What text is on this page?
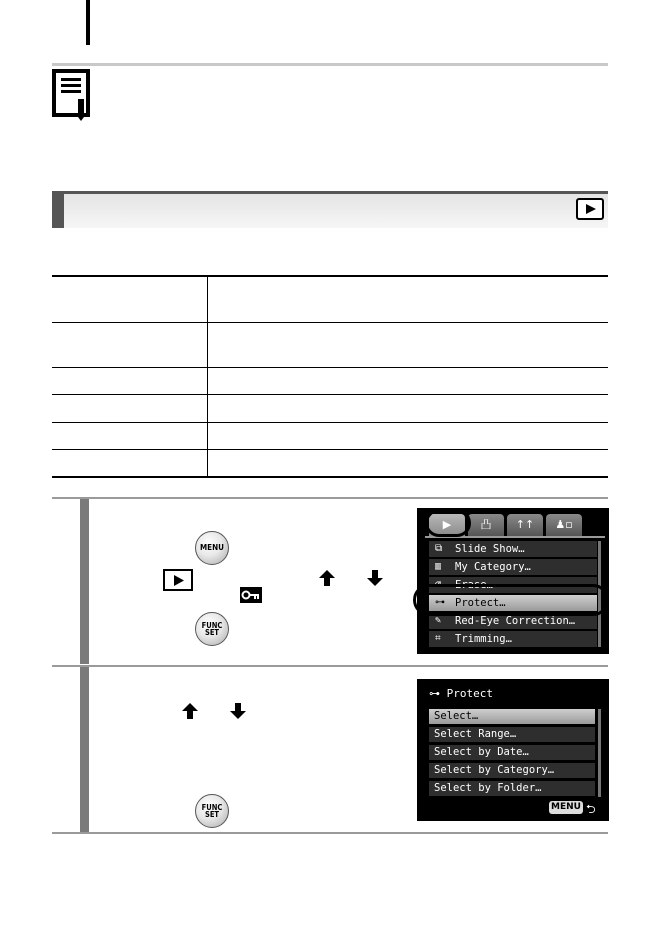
MENU
FUNC
SET
▶	凸	↑↑	♟▫
⧉	Slide Show…
▥	My Category…
⌫	Erase…
⊶ Protect…
✎	Red-Eye Correction…
⌗	Trimming…
FUNC
SET
⊶ Protect
Select…
Select Range…
Select by Date…
Select by Category…
Select by Folder…
MENU ⮌
